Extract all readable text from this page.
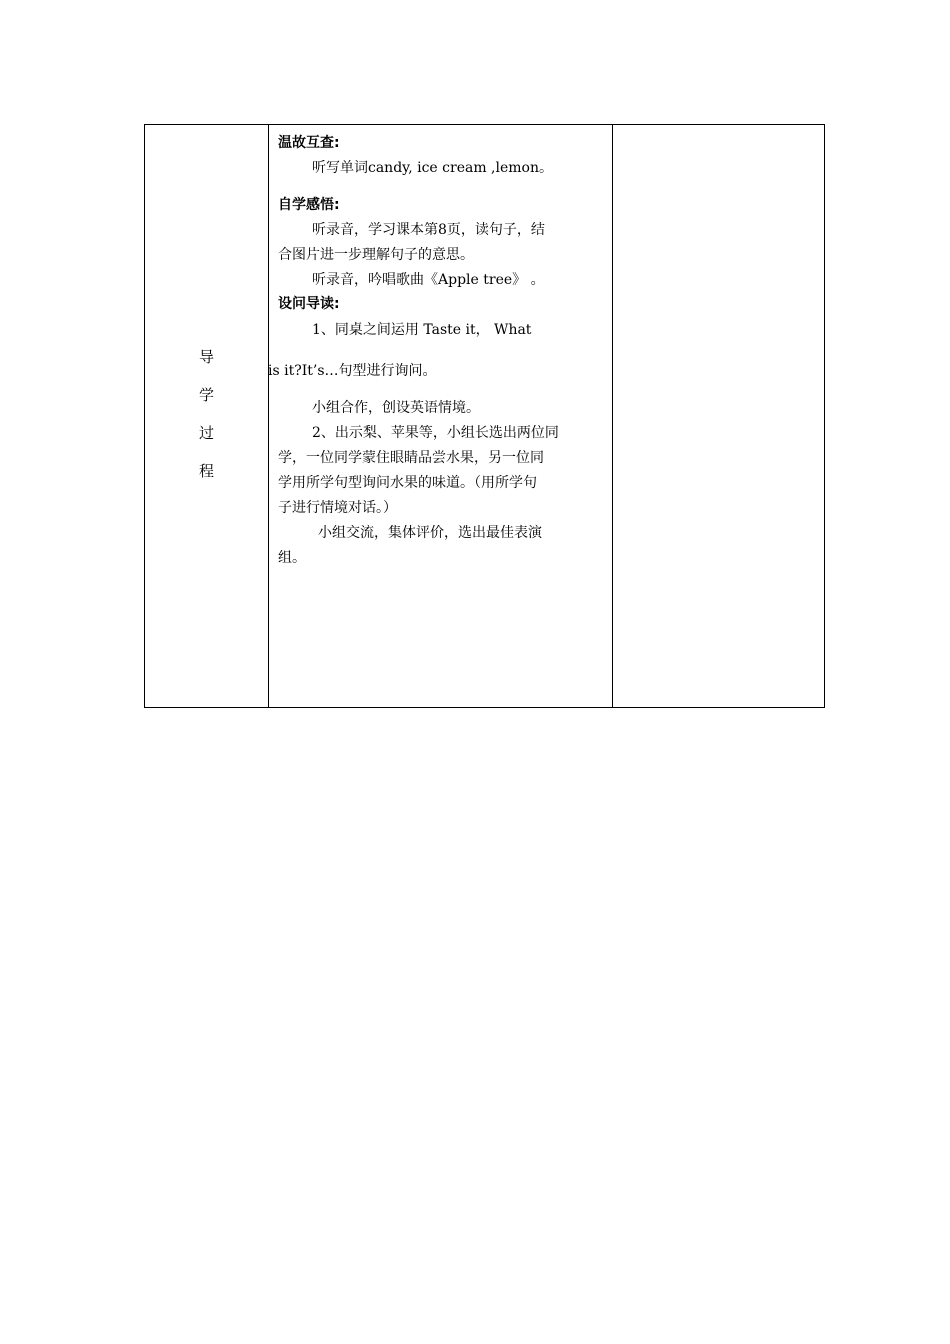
导
学
过
程
温故互查:
听写单词candy, ice cream ,lemon。
自学感悟:
听录音，学习课本第8页，读句子，结
合图片进一步理解句子的意思。
听录音，吟唱歌曲《Apple tree》 。
设问导读:
1、同桌之间运用 Taste it， What
is it?It’s…句型进行询问。
小组合作，创设英语情境。
2、出示梨、苹果等，小组长选出两位同
学，一位同学蒙住眼睛品尝水果，另一位同
学用所学句型询问水果的味道。（用所学句
子进行情境对话。）
小组交流，集体评价，选出最佳表演
组。
